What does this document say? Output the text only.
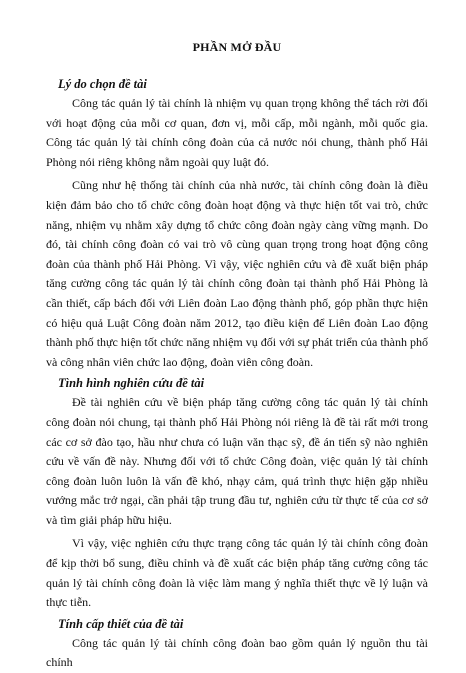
PHẦN MỞ ĐẦU
Lý do chọn đề tài

Công tác quản lý tài chính là nhiệm vụ quan trọng không thể tách rời đối với hoạt động của mỗi cơ quan, đơn vị, mỗi cấp, mỗi ngành, mỗi quốc gia. Công tác quản lý tài chính công đoàn của cả nước nói chung, thành phố Hải Phòng nói riêng không nằm ngoài quy luật đó.

Cũng như hệ thống tài chính của nhà nước, tài chính công đoàn là điều kiện đảm bảo cho tổ chức công đoàn hoạt động và thực hiện tốt vai trò, chức năng, nhiệm vụ nhằm xây dựng tổ chức công đoàn ngày càng vững mạnh. Do đó, tài chính công đoàn có vai trò vô cùng quan trọng trong hoạt động công đoàn của thành phố Hải Phòng. Vì vậy, việc nghiên cứu và đề xuất biện pháp tăng cường công tác quản lý tài chính công đoàn tại thành phố Hải Phòng là cần thiết, cấp bách đối với Liên đoàn Lao động thành phố, góp phần thực hiện có hiệu quả Luật Công đoàn năm 2012, tạo điều kiện để Liên đoàn Lao động thành phố thực hiện tốt chức năng nhiệm vụ đối với sự phát triển của thành phố và công nhân viên chức lao động, đoàn viên công đoàn.

Tình hình nghiên cứu đề tài

Đề tài nghiên cứu về biện pháp tăng cường công tác quản lý tài chính công đoàn nói chung, tại thành phố Hải Phòng nói riêng là đề tài rất mới trong các cơ sở đào tạo, hầu như chưa có luận văn thạc sỹ, đề án tiến sỹ nào nghiên cứu về vấn đề này. Nhưng đối với tổ chức Công đoàn, việc quản lý tài chính công đoàn luôn luôn là vấn đề khó, nhạy cảm, quá trình thực hiện gặp nhiều vướng mắc trở ngại, cần phải tập trung đầu tư, nghiên cứu từ thực tế của cơ sở và tìm giải pháp hữu hiệu.

Vì vậy, việc nghiên cứu thực trạng công tác quản lý tài chính công đoàn để kịp thời bổ sung, điều chỉnh và đề xuất các biện pháp tăng cường công tác quản lý tài chính công đoàn là việc làm mang ý nghĩa thiết thực về lý luận và thực tiễn.

Tính cấp thiết của đề tài

Công tác quản lý tài chính công đoàn bao gồm quản lý nguồn thu tài chính
